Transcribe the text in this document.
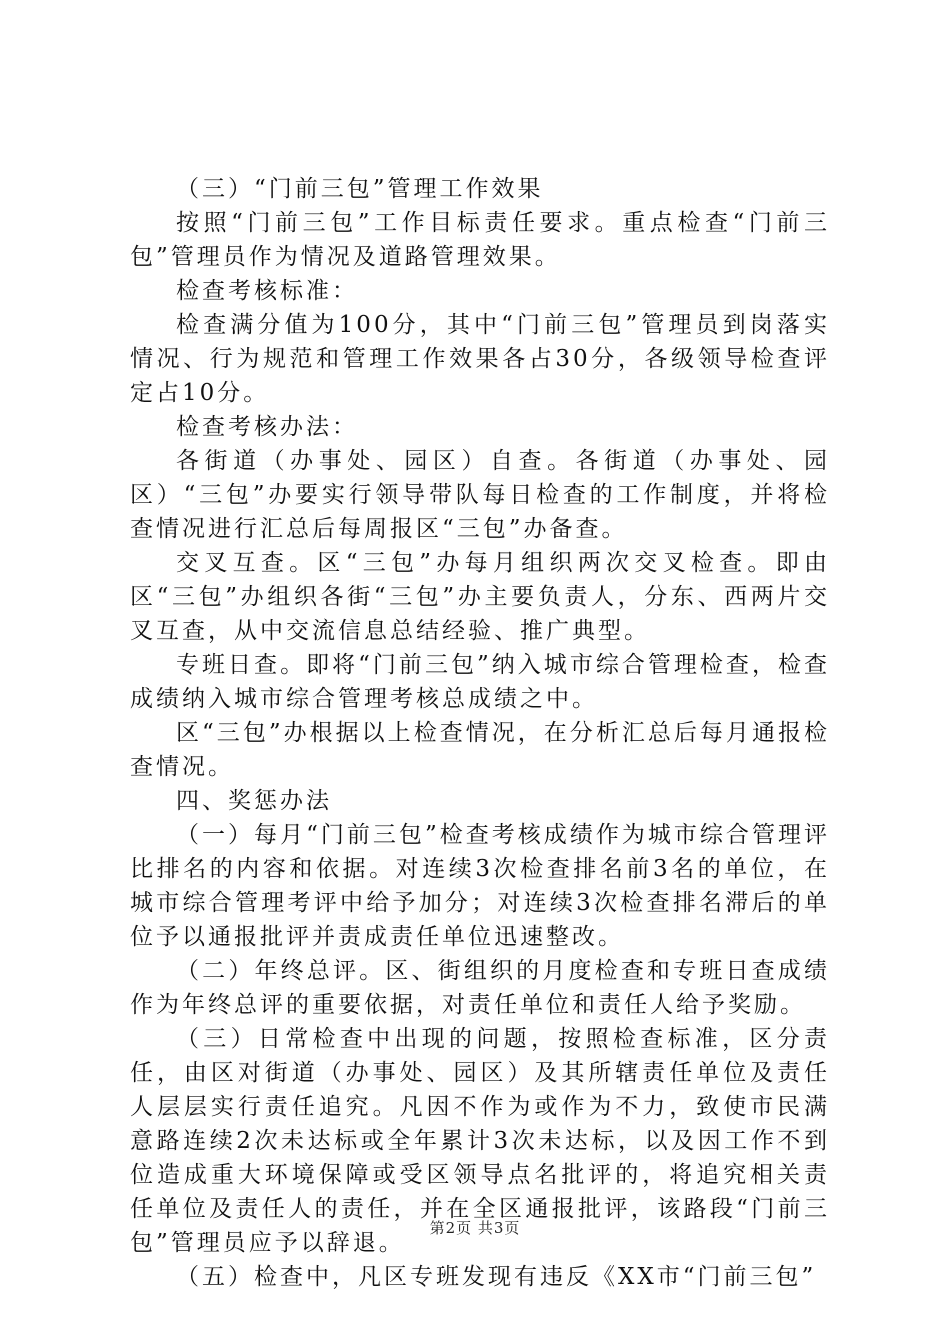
（三）“门前三包”管理工作效果

按照“门前三包”工作目标责任要求。重点检查“门前三包”管理员作为情况及道路管理效果。

检查考核标准：

检查满分值为100分，其中“门前三包”管理员到岗落实情况、行为规范和管理工作效果各占30分，各级领导检查评定占10分。

检查考核办法：

各街道（办事处、园区）自查。各街道（办事处、园区）“三包”办要实行领导带队每日检查的工作制度，并将检查情况进行汇总后每周报区“三包”办备查。

交叉互查。区“三包”办每月组织两次交叉检查。即由区“三包”办组织各街“三包”办主要负责人，分东、西两片交叉互查，从中交流信息总结经验、推广典型。

专班日查。即将“门前三包”纳入城市综合管理检查，检查成绩纳入城市综合管理考核总成绩之中。

区“三包”办根据以上检查情况，在分析汇总后每月通报检查情况。

四、奖惩办法

（一）每月“门前三包”检查考核成绩作为城市综合管理评比排名的内容和依据。对连续3次检查排名前3名的单位，在城市综合管理考评中给予加分；对连续3次检查排名滞后的单位予以通报批评并责成责任单位迅速整改。

（二）年终总评。区、街组织的月度检查和专班日查成绩作为年终总评的重要依据，对责任单位和责任人给予奖励。

（三）日常检查中出现的问题，按照检查标准，区分责任，由区对街道（办事处、园区）及其所辖责任单位及责任人层层实行责任追究。凡因不作为或作为不力，致使市民满意路连续2次未达标或全年累计3次未达标，以及因工作不到位造成重大环境保障或受区领导点名批评的，将追究相关责任单位及责任人的责任，并在全区通报批评，该路段“门前三包”管理员应予以辞退。

（五）检查中，凡区专班发现有违反《XX市“门前三包”

第2页 共3页
